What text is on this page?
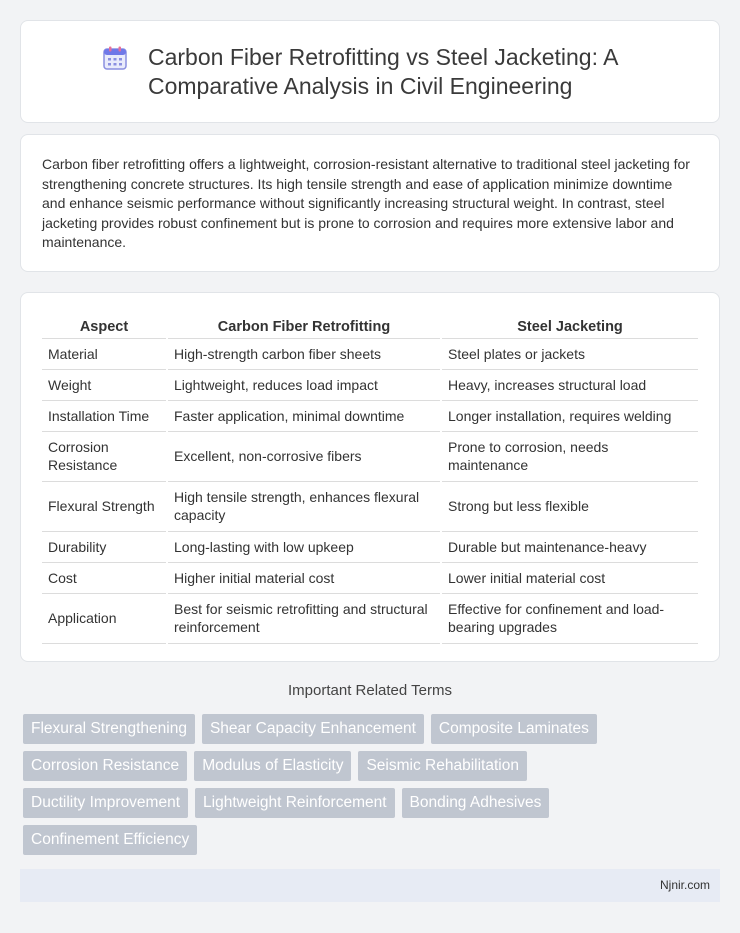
Carbon Fiber Retrofitting vs Steel Jacketing: A Comparative Analysis in Civil Engineering

Carbon fiber retrofitting offers a lightweight, corrosion-resistant alternative to traditional steel jacketing for strengthening concrete structures. Its high tensile strength and ease of application minimize downtime and enhance seismic performance without significantly increasing structural weight. In contrast, steel jacketing provides robust confinement but is prone to corrosion and requires more extensive labor and maintenance.

Aspect	Carbon Fiber Retrofitting	Steel Jacketing
Material	High-strength carbon fiber sheets	Steel plates or jackets
Weight	Lightweight, reduces load impact	Heavy, increases structural load
Installation Time	Faster application, minimal downtime	Longer installation, requires welding
Corrosion Resistance	Excellent, non-corrosive fibers	Prone to corrosion, needs maintenance
Flexural Strength	High tensile strength, enhances flexural capacity	Strong but less flexible
Durability	Long-lasting with low upkeep	Durable but maintenance-heavy
Cost	Higher initial material cost	Lower initial material cost
Application	Best for seismic retrofitting and structural reinforcement	Effective for confinement and load-bearing upgrades
Important Related Terms
Flexural Strengthening	Shear Capacity Enhancement	Composite Laminates
Corrosion Resistance	Modulus of Elasticity	Seismic Rehabilitation
Ductility Improvement	Lightweight Reinforcement	Bonding Adhesives
Confinement Efficiency
Njnir.com
